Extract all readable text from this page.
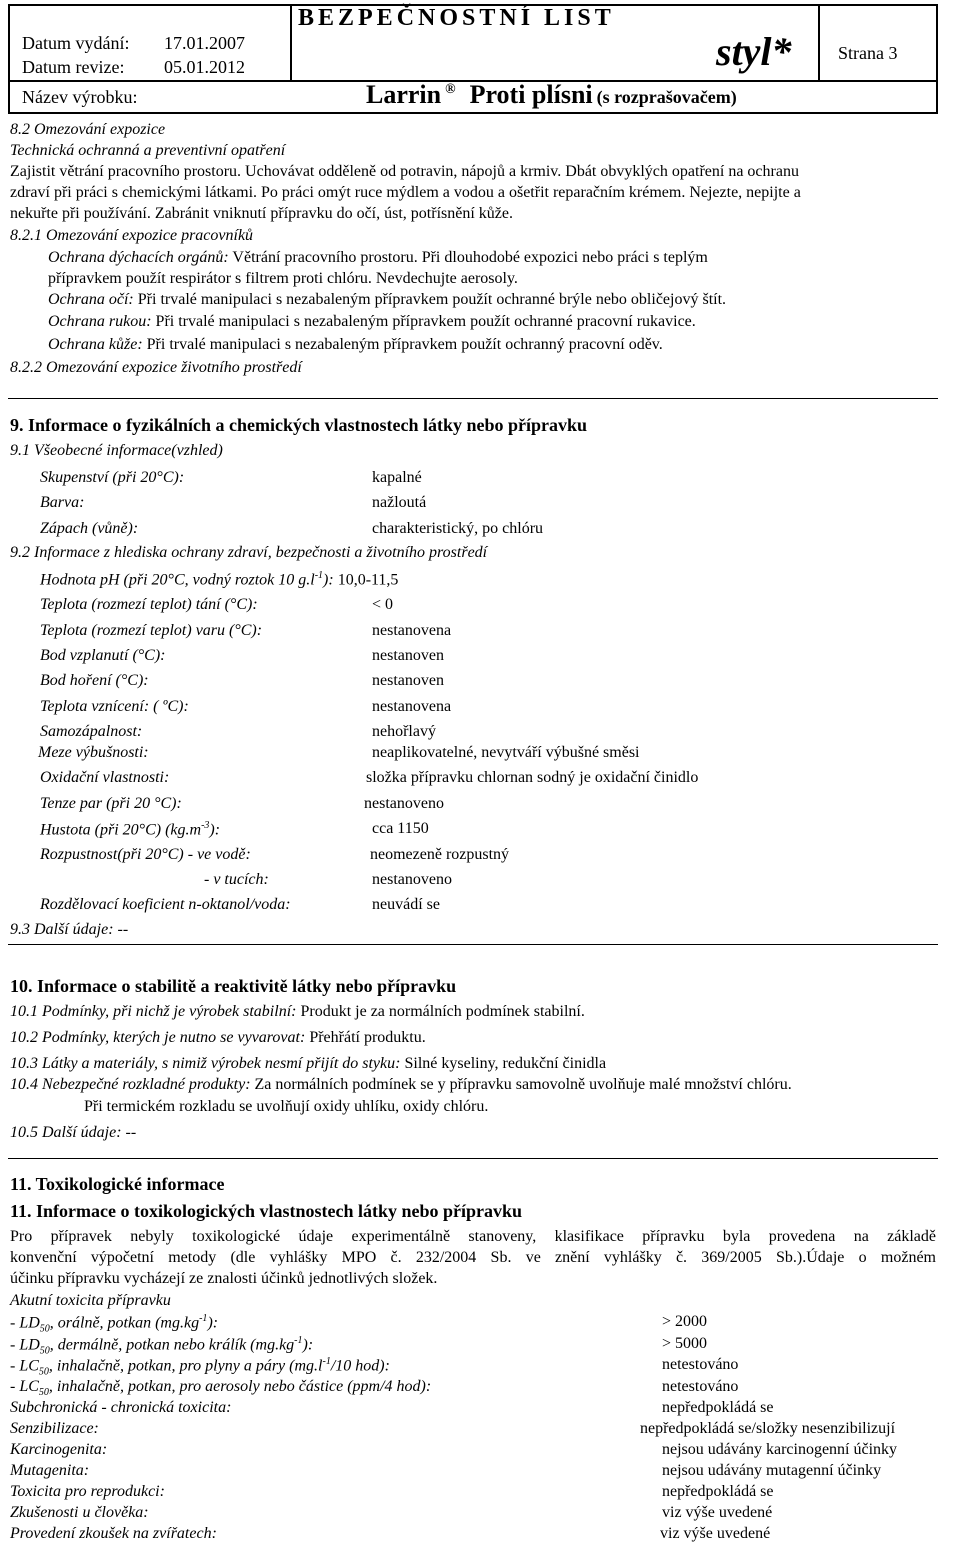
Datum vydání: 17.01.2007
Datum revize: 05.01.2012
BEZPEČNOSTNÍ LIST
styl*	Strana 3
Název výrobku:	Larrin ® Proti plísni (s rozprašovačem)
8.2 Omezování expozice
Technická ochranná a preventivní opatření
Zajistit větrání pracovního prostoru. Uchovávat odděleně od potravin, nápojů a krmiv. Dbát obvyklých opatření na ochranu
zdraví při práci s chemickými látkami. Po práci omýt ruce mýdlem a vodou a ošetřit reparačním krémem. Nejezte, nepijte a
nekuřte při používání. Zabránit vniknutí přípravku do očí, úst, potřísnění kůže.
8.2.1 Omezování expozice pracovníků
Ochrana dýchacích orgánů: Větrání pracovního prostoru. Při dlouhodobé expozici nebo práci s teplým
přípravkem použít respirátor s filtrem proti chlóru. Nevdechujte aerosoly.
Ochrana očí: Při trvalé manipulaci s nezabaleným přípravkem použít ochranné brýle nebo obličejový štít.
Ochrana rukou: Při trvalé manipulaci s nezabaleným přípravkem použít ochranné pracovní rukavice.
Ochrana kůže: Při trvalé manipulaci s nezabaleným přípravkem použít ochranný pracovní oděv.
8.2.2 Omezování expozice životního prostředí
9. Informace o fyzikálních a chemických vlastnostech látky nebo přípravku
9.1 Všeobecné informace(vzhled)
Skupenství (při 20°C):	kapalné
Barva:	nažloutá
Zápach (vůně):	charakteristický, po chlóru
9.2 Informace z hlediska ochrany zdraví, bezpečnosti a životního prostředí
Hodnota pH (při 20°C, vodný roztok 10 $g.l^{-1}$): 10,0-11,5
Teplota (rozmezí teplot) tání (°C):	< 0
Teplota (rozmezí teplot) varu (°C):	nestanovena
Bod vzplanutí (°C):	nestanoven
Bod hoření (°C):	nestanoven
Teplota vznícení: ( ºC):	nestanovena
Samozápalnost:	nehořlavý
Meze výbušnosti:	neaplikovatelné, nevytváří výbušné směsi
Oxidační vlastnosti:	složka přípravku chlornan sodný je oxidační činidlo
Tenze par (při 20 °C):	nestanoveno
Hustota (při 20°C) $(kg.m^{-3})$:	cca 1150
Rozpustnost(při 20°C) - ve vodě:	neomezeně rozpustný
- v tucích:	nestanoveno
Rozdělovací koeficient n-oktanol/voda:	neuvádí se
9.3 Další údaje: --
10. Informace o stabilitě a reaktivitě látky nebo přípravku
10.1 Podmínky, při nichž je výrobek stabilní: Produkt je za normálních podmínek stabilní.
10.2 Podmínky, kterých je nutno se vyvarovat: Přehřátí produktu.
10.3 Látky a materiály, s nimiž výrobek nesmí přijít do styku: Silné kyseliny, redukční činidla
10.4 Nebezpečné rozkladné produkty: Za normálních podmínek se y přípravku samovolně uvolňuje malé množství chlóru.
Při termickém rozkladu se uvolňují oxidy uhlíku, oxidy chlóru.
10.5 Další údaje: --
11. Toxikologické informace
11. Informace o toxikologických vlastnostech látky nebo přípravku
Pro přípravek nebyly toxikologické údaje experimentálně stanoveny, klasifikace přípravku byla provedena na základě
konvenční výpočetní metody (dle vyhlášky MPO č. 232/2004 Sb. ve znění vyhlášky č. 369/2005 Sb.).Údaje o možném
účinku přípravku vycházejí ze znalosti účinků jednotlivých složek.
Akutní toxicita přípravku
- $LD_{50}$, orálně, potkan $(mg.kg^{-1})$:	> 2000
- $LD_{50}$, dermálně, potkan nebo králík $(mg.kg^{-1})$:	> 5000
- $LC_{50}$, inhalačně, potkan, pro plyny a páry ($mg.l^{-1}/10$ hod):	netestováno
- $LC_{50}$, inhalačně, potkan, pro aerosoly nebo částice (ppm/4 hod):	netestováno
Subchronická - chronická toxicita:	nepředpokládá se
Senzibilizace:	nepředpokládá se/složky nesenzibilizují
Karcinogenita:	nejsou udávány karcinogenní účinky
Mutagenita:	nejsou udávány mutagenní účinky
Toxicita pro reprodukci:	nepředpokládá se
Zkušenosti u člověka:	viz výše uvedené
Provedení zkoušek na zvířatech:	viz výše uvedené
